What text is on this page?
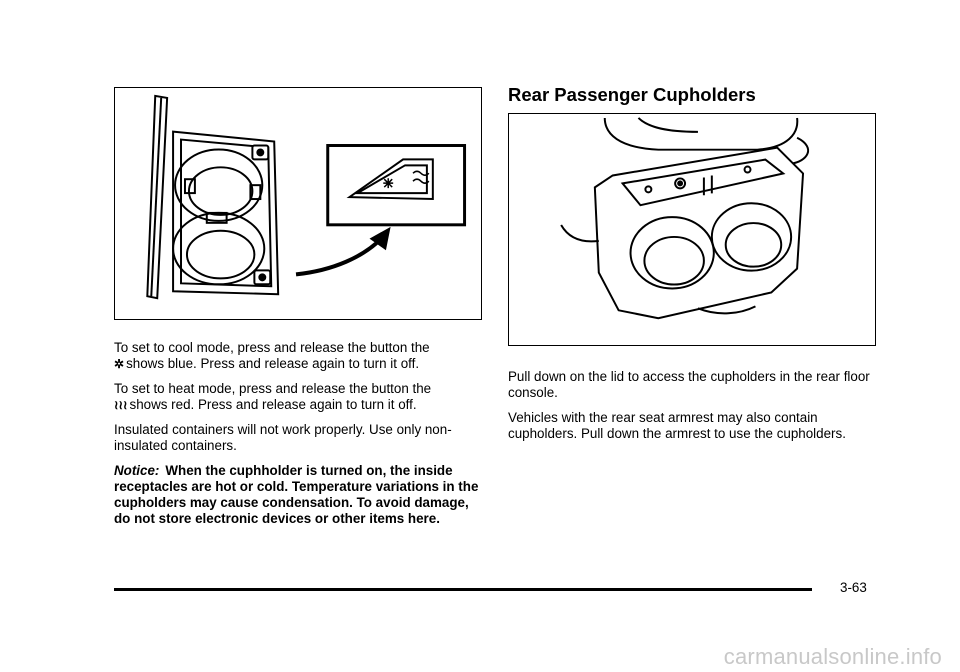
To set to cool mode, press and release the button the
✲ shows blue. Press and release again to turn it off.

To set to heat mode, press and release the button the
≀≀≀ shows red. Press and release again to turn it off.

Insulated containers will not work properly. Use only non-insulated containers.

Notice: When the cuphholder is turned on, the inside receptacles are hot or cold. Temperature variations in the cupholders may cause condensation. To avoid damage, do not store electronic devices or other items here.

Rear Passenger Cupholders

Pull down on the lid to access the cupholders in the rear floor console.

Vehicles with the rear seat armrest may also contain cupholders. Pull down the armrest to use the cupholders.

3-63
carmanualsonline.info
